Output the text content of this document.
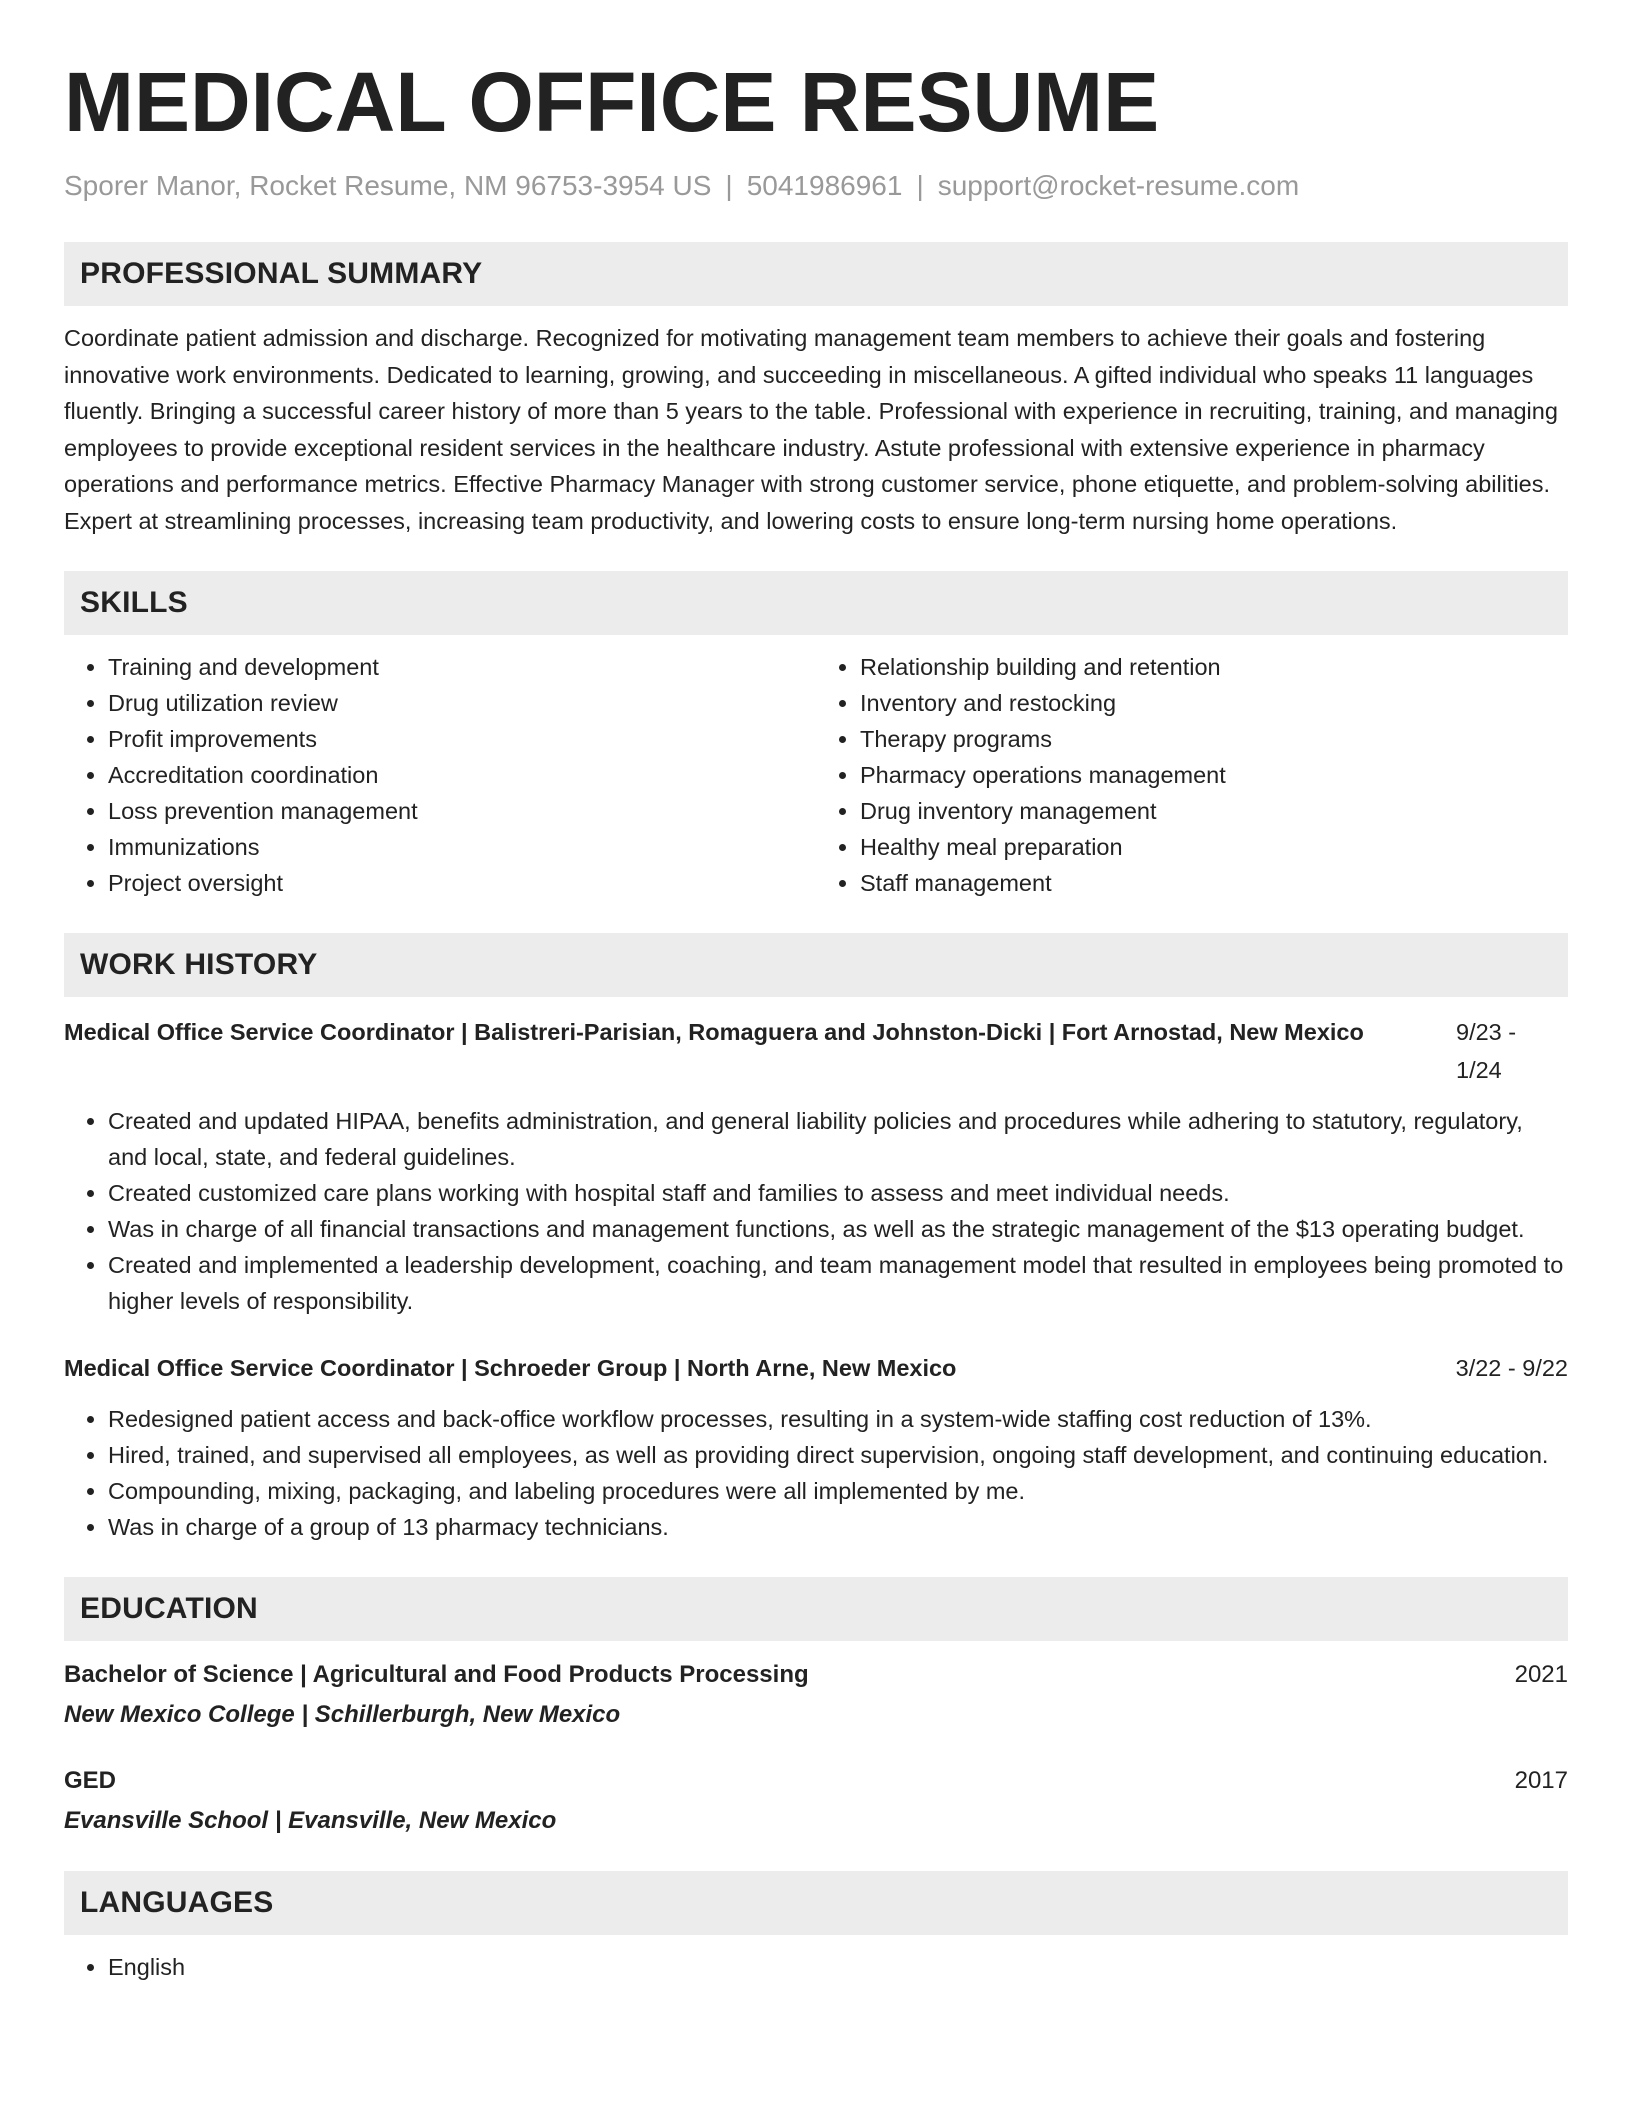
MEDICAL OFFICE RESUME
Sporer Manor, Rocket Resume, NM 96753-3954 US | 5041986961 | support@rocket-resume.com
PROFESSIONAL SUMMARY
Coordinate patient admission and discharge. Recognized for motivating management team members to achieve their goals and fostering innovative work environments. Dedicated to learning, growing, and succeeding in miscellaneous. A gifted individual who speaks 11 languages fluently. Bringing a successful career history of more than 5 years to the table. Professional with experience in recruiting, training, and managing employees to provide exceptional resident services in the healthcare industry. Astute professional with extensive experience in pharmacy operations and performance metrics. Effective Pharmacy Manager with strong customer service, phone etiquette, and problem-solving abilities. Expert at streamlining processes, increasing team productivity, and lowering costs to ensure long-term nursing home operations.
SKILLS
• Training and development
• Drug utilization review
• Profit improvements
• Accreditation coordination
• Loss prevention management
• Immunizations
• Project oversight
• Relationship building and retention
• Inventory and restocking
• Therapy programs
• Pharmacy operations management
• Drug inventory management
• Healthy meal preparation
• Staff management
WORK HISTORY
Medical Office Service Coordinator | Balistreri-Parisian, Romaguera and Johnston-Dicki | Fort Arnostad, New Mexico	9/23 - 1/24
• Created and updated HIPAA, benefits administration, and general liability policies and procedures while adhering to statutory, regulatory, and local, state, and federal guidelines.
• Created customized care plans working with hospital staff and families to assess and meet individual needs.
• Was in charge of all financial transactions and management functions, as well as the strategic management of the $13 operating budget.
• Created and implemented a leadership development, coaching, and team management model that resulted in employees being promoted to higher levels of responsibility.
Medical Office Service Coordinator | Schroeder Group | North Arne, New Mexico	3/22 - 9/22
• Redesigned patient access and back-office workflow processes, resulting in a system-wide staffing cost reduction of 13%.
• Hired, trained, and supervised all employees, as well as providing direct supervision, ongoing staff development, and continuing education.
• Compounding, mixing, packaging, and labeling procedures were all implemented by me.
• Was in charge of a group of 13 pharmacy technicians.
EDUCATION
Bachelor of Science | Agricultural and Food Products Processing	2021
New Mexico College | Schillerburgh, New Mexico
GED	2017
Evansville School | Evansville, New Mexico
LANGUAGES
• English
